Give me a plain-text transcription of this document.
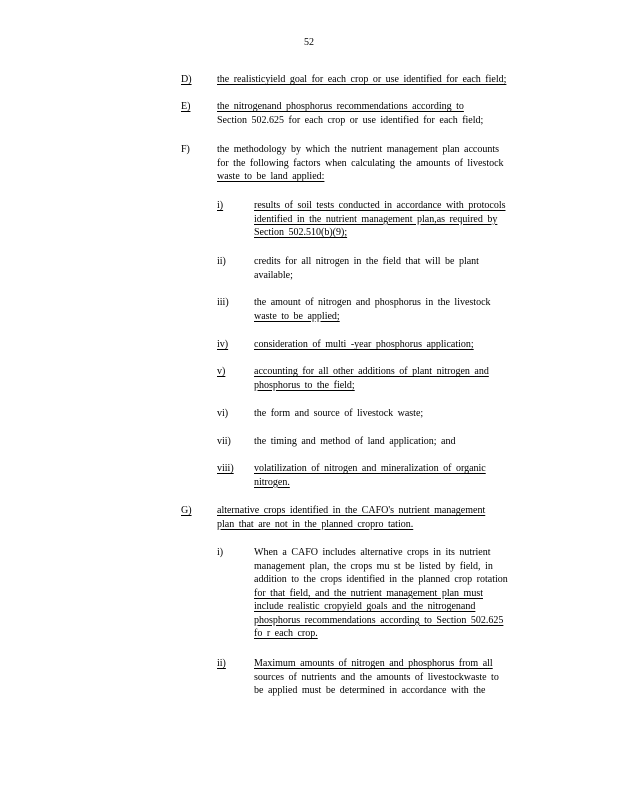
52
D)	the realisticyield goal for each crop or use identified for each field;
E)	the nitrogenand phosphorus recommendations according to
Section 502.625 for each crop or use identified for each field;
F)	the methodology by which the nutrient management plan accounts
for the following factors when calculating the amounts of livestock
waste to be land applied:
i)	results of soil tests conducted in accordance with protocols
identified in the nutrient management plan,as required by
Section 502.510(b)(9);
ii)	credits for all nitrogen in the field that will be plant
available;
iii)	the amount of nitrogen and phosphorus in the livestock
waste to be applied;
iv)	consideration of multi -year phosphorus application;
v)	accounting for all other additions of plant nitrogen and
phosphorus to the field;
vi)	the form and source of livestock waste;
vii) the timing and method of land application; and
viii) volatilization of nitrogen and mineralization of organic
nitrogen.
G)	alternative crops identified in the CAFO's nutrient management
plan that are not in the planned cropro tation.
i)	When a CAFO includes alternative crops in its nutrient
management plan, the crops mu st be listed by field, in
addition to the crops identified in the planned crop rotation
for that field, and the nutrient management plan must
include realistic cropyield goals and the nitrogenand
phosphorus recommendations according to Section 502.625
fo r each crop.
ii)	Maximum amounts of nitrogen and phosphorus from all
sources of nutrients and the amounts of livestockwaste to
be applied must be determined in accordance with the
